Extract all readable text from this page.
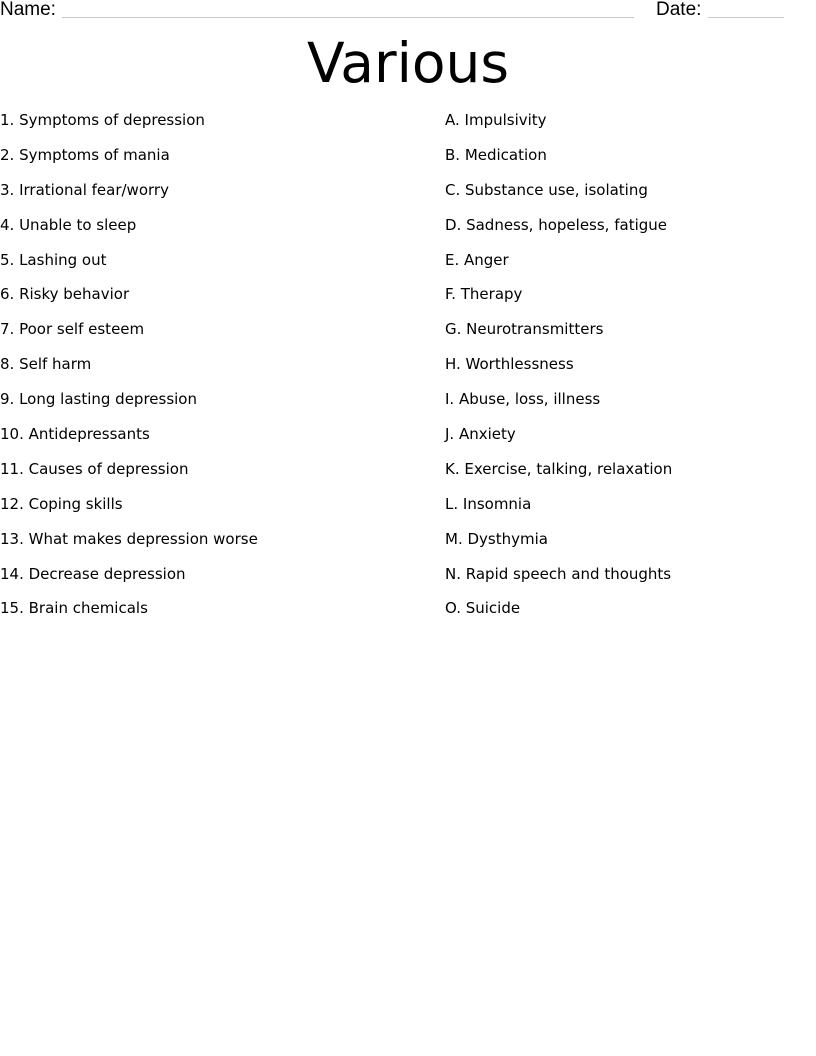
Name:	Date:
Various
1. Symptoms of depression
2. Symptoms of mania
3. Irrational fear/worry
4. Unable to sleep
5. Lashing out
6. Risky behavior
7. Poor self esteem
8. Self harm
9. Long lasting depression
10. Antidepressants
11. Causes of depression
12. Coping skills
13. What makes depression worse
14. Decrease depression
15. Brain chemicals
A. Impulsivity
B. Medication
C. Substance use, isolating
D. Sadness, hopeless, fatigue
E. Anger
F. Therapy
G. Neurotransmitters
H. Worthlessness
I. Abuse, loss, illness
J. Anxiety
K. Exercise, talking, relaxation
L. Insomnia
M. Dysthymia
N. Rapid speech and thoughts
O. Suicide
